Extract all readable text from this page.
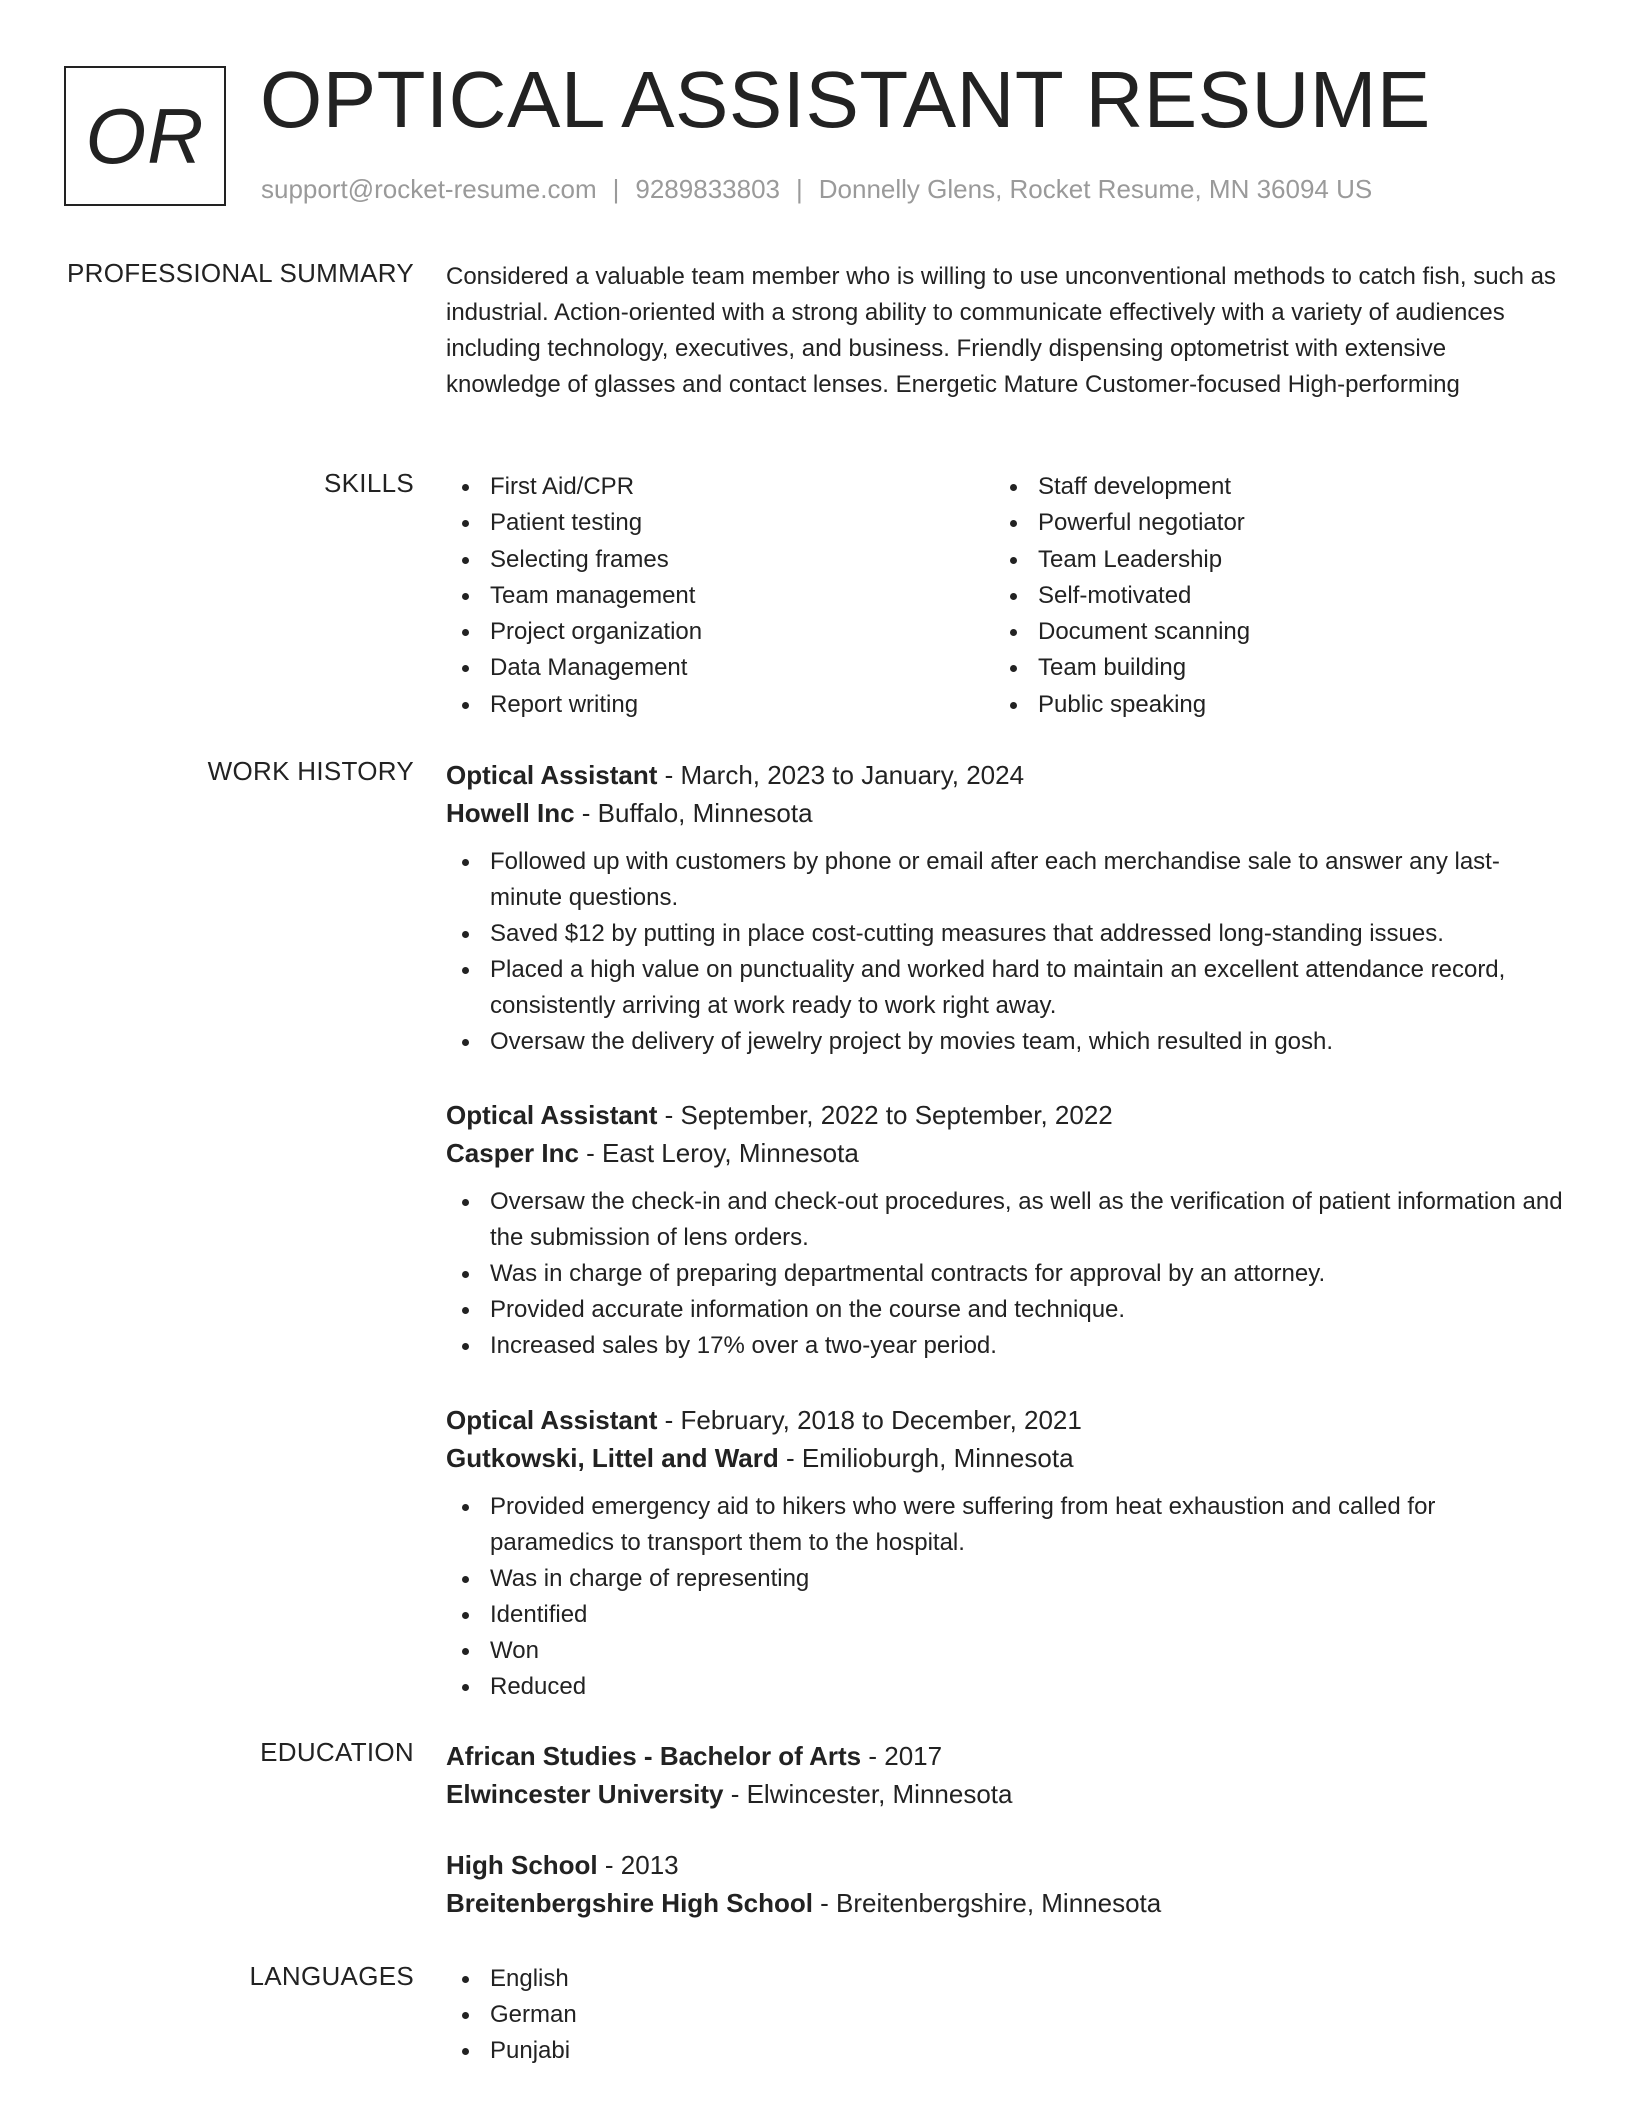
OR OPTICAL ASSISTANT RESUME
support@rocket-resume.com | 9289833803 | Donnelly Glens, Rocket Resume, MN 36094 US
PROFESSIONAL SUMMARY Considered a valuable team member who is willing to use unconventional methods to catch fish, such as industrial. Action-oriented with a strong ability to communicate effectively with a variety of audiences including technology, executives, and business. Friendly dispensing optometrist with extensive knowledge of glasses and contact lenses. Energetic Mature Customer-focused High-performing

SKILLS	First Aid/CPR
Patient testing
Selecting frames
Team management
Project organization
Data Management
Report writing
Staff development
Powerful negotiator
Team Leadership
Self-motivated
Document scanning
Team building
Public speaking
WORK HISTORY Optical Assistant - March, 2023 to January, 2024
Howell Inc - Buffalo, Minnesota
Followed up with customers by phone or email after each merchandise sale to answer any last-minute questions.
Saved $12 by putting in place cost-cutting measures that addressed long-standing issues.
Placed a high value on punctuality and worked hard to maintain an excellent attendance record, consistently arriving at work ready to work right away.
Oversaw the delivery of jewelry project by movies team, which resulted in gosh.
Optical Assistant - September, 2022 to September, 2022
Casper Inc - East Leroy, Minnesota
Oversaw the check-in and check-out procedures, as well as the verification of patient information and the submission of lens orders.
Was in charge of preparing departmental contracts for approval by an attorney.
Provided accurate information on the course and technique.
Increased sales by 17% over a two-year period.
Optical Assistant - February, 2018 to December, 2021
Gutkowski, Littel and Ward - Emilioburgh, Minnesota
Provided emergency aid to hikers who were suffering from heat exhaustion and called for paramedics to transport them to the hospital.
Was in charge of representing
Identified
Won
Reduced
EDUCATION African Studies - Bachelor of Arts - 2017
Elwincester University - Elwincester, Minnesota
High School - 2013
Breitenbergshire High School - Breitenbergshire, Minnesota
LANGUAGES	English
German
Punjabi
